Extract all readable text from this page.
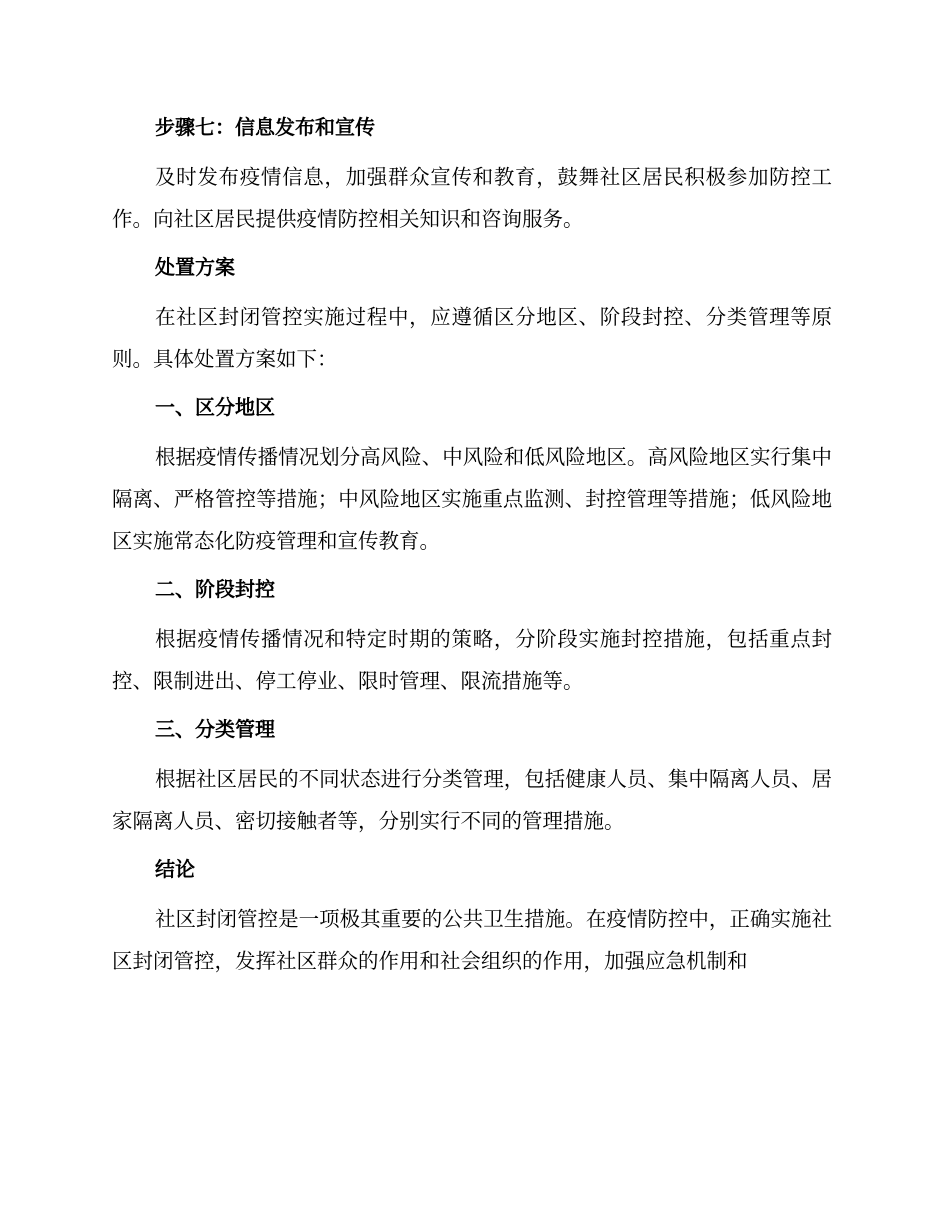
步骤七：信息发布和宣传

及时发布疫情信息，加强群众宣传和教育，鼓舞社区居民积极参加防控工作。向社区居民提供疫情防控相关知识和咨询服务。

处置方案

在社区封闭管控实施过程中，应遵循区分地区、阶段封控、分类管理等原则。具体处置方案如下：

一、区分地区

根据疫情传播情况划分高风险、中风险和低风险地区。高风险地区实行集中隔离、严格管控等措施；中风险地区实施重点监测、封控管理等措施；低风险地区实施常态化防疫管理和宣传教育。

二、阶段封控

根据疫情传播情况和特定时期的策略，分阶段实施封控措施，包括重点封控、限制进出、停工停业、限时管理、限流措施等。

三、分类管理

根据社区居民的不同状态进行分类管理，包括健康人员、集中隔离人员、居家隔离人员、密切接触者等，分别实行不同的管理措施。

结论

社区封闭管控是一项极其重要的公共卫生措施。在疫情防控中，正确实施社区封闭管控，发挥社区群众的作用和社会组织的作用，加强应急机制和
